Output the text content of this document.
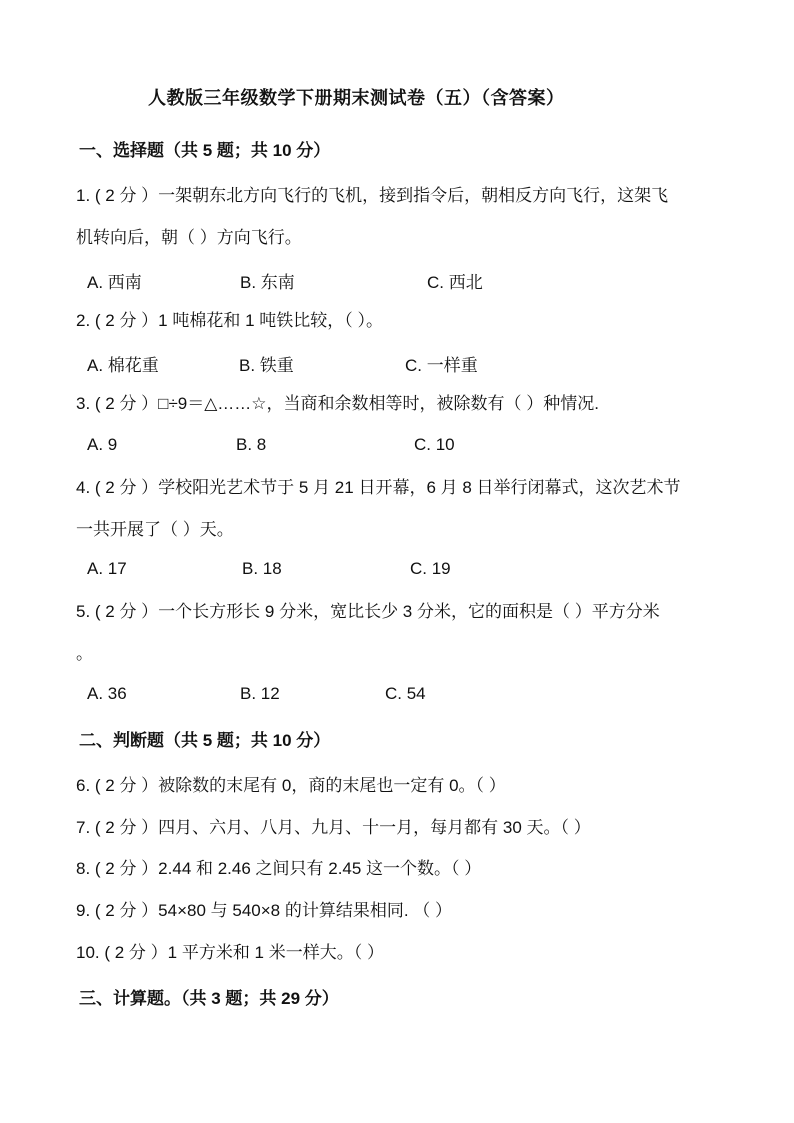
人教版三年级数学下册期末测试卷（五）（含答案）
一、选择题（共 5 题；共 10 分）
1. ( 2 分 ）一架朝东北方向飞行的飞机，接到指令后，朝相反方向飞行，这架飞
机转向后，朝（ ）方向飞行。
A. 西南	B. 东南	C. 西北
2. ( 2 分 ）1 吨棉花和 1 吨铁比较，（ ）。
A. 棉花重	B. 铁重	C. 一样重
3. ( 2 分 ）□÷9＝△……☆，当商和余数相等时，被除数有（ ）种情况.
A. 9	B. 8	C. 10
4. ( 2 分 ）学校阳光艺术节于 5 月 21 日开幕，6 月 8 日举行闭幕式，这次艺术节
一共开展了（ ）天。
A. 17	B. 18	C. 19
5. ( 2 分 ）一个长方形长 9 分米，宽比长少 3 分米，它的面积是（ ）平方分米
。
A. 36	B. 12	C. 54
二、判断题（共 5 题；共 10 分）
6. ( 2 分 ）被除数的末尾有 0，商的末尾也一定有 0。（ ）
7. ( 2 分 ）四月、六月、八月、九月、十一月，每月都有 30 天。（ ）
8. ( 2 分 ）2.44 和 2.46 之间只有 2.45 这一个数。（ ）
9. ( 2 分 ）54×80 与 540×8 的计算结果相同. （ ）
10. ( 2 分 ）1 平方米和 1 米一样大。（ ）
三、计算题。（共 3 题；共 29 分）
